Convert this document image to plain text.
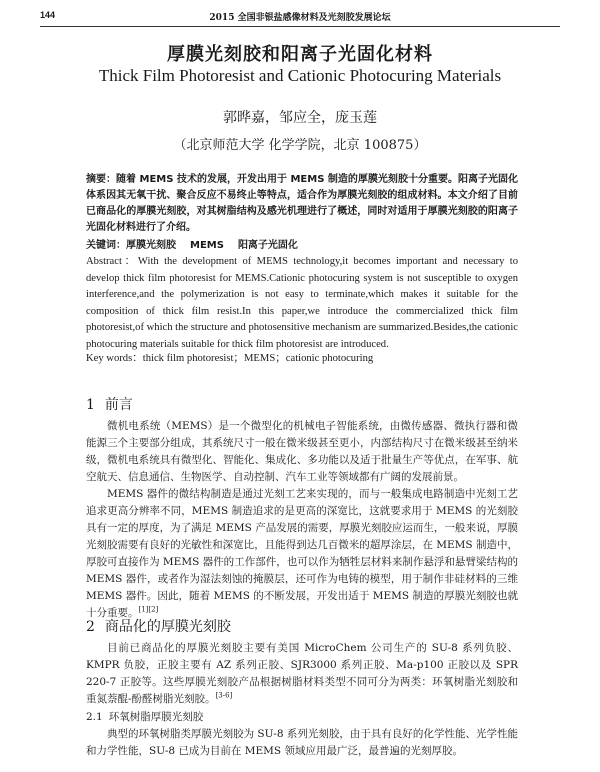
144	2015 全国非银盐感像材料及光刻胶发展论坛
厚膜光刻胶和阳离子光固化材料
Thick Film Photoresist and Cationic Photocuring Materials
郭晔嘉，邹应全，庞玉莲
（北京师范大学 化学学院，北京 100875）
摘要：随着 MEMS 技术的发展，开发出用于 MEMS 制造的厚膜光刻胶十分重要。阳离子光固化体系因其无氧干扰、聚合反应不易终止等特点，适合作为厚膜光刻胶的组成材料。本文介绍了目前已商品化的厚膜光刻胶，对其树脂结构及感光机理进行了概述，同时对适用于厚膜光刻胶的阳离子光固化材料进行了介绍。
关键词：厚膜光刻胶 MEMS 阳离子光固化
Abstract：With the development of MEMS technology,it becomes important and necessary to develop thick film photoresist for MEMS.Cationic photocuring system is not susceptible to oxygen interference,and the polymerization is not easy to terminate,which makes it suitable for the composition of thick film resist.In this paper,we introduce the commercialized thick film photoresist,of which the structure and photosensitive mechanism are summarized.Besides,the cationic photocuring materials suitable for thick film photoresist are introduced.
Key words：thick film photoresist；MEMS；cationic photocuring
1 前言
微机电系统（MEMS）是一个微型化的机械电子智能系统，由微传感器、微执行器和微能源三个主要部分组成，其系统尺寸一般在微米级甚至更小，内部结构尺寸在微米级甚至纳米级，微机电系统具有微型化、智能化、集成化、多功能以及适于批量生产等优点，在军事、航空航天、信息通信、生物医学、自动控制、汽车工业等领域都有广阔的发展前景。
MEMS 器件的微结构制造是通过光刻工艺来实现的，而与一般集成电路制造中光刻工艺追求更高分辨率不同，MEMS 制造追求的是更高的深宽比，这就要求用于 MEMS 的光刻胶具有一定的厚度，为了满足 MEMS 产品发展的需要，厚膜光刻胶应运而生，一般来说，厚膜光刻胶需要有良好的光敏性和深宽比，且能得到达几百微米的超厚涂层，在 MEMS 制造中，厚胶可直接作为 MEMS 器件的工作部件，也可以作为牺牲层材料来制作悬浮和悬臂梁结构的 MEMS 器件，或者作为湿法刻蚀的掩膜层，还可作为电铸的模型，用于制作非硅材料的三维 MEMS 器件。因此，随着 MEMS 的不断发展，开发出适于 MEMS 制造的厚膜光刻胶也就十分重要。[1][2]
2 商品化的厚膜光刻胶
目前已商品化的厚膜光刻胶主要有美国 MicroChem 公司生产的 SU-8 系列负胶、KMPR 负胶，正胶主要有 AZ 系列正胶、SJR3000 系列正胶、Ma-p100 正胶以及 SPR 220-7 正胶等。这些厚膜光刻胶产品根据树脂材料类型不同可分为两类：环氧树脂光刻胶和重氮萘醌-酚醛树脂光刻胶。[3-6]
2.1 环氧树脂厚膜光刻胶
典型的环氧树脂类厚膜光刻胶为 SU-8 系列光刻胶，由于具有良好的化学性能、光学性能和力学性能，SU-8 已成为目前在 MEMS 领域应用最广泛，最普遍的光刻厚胶。
